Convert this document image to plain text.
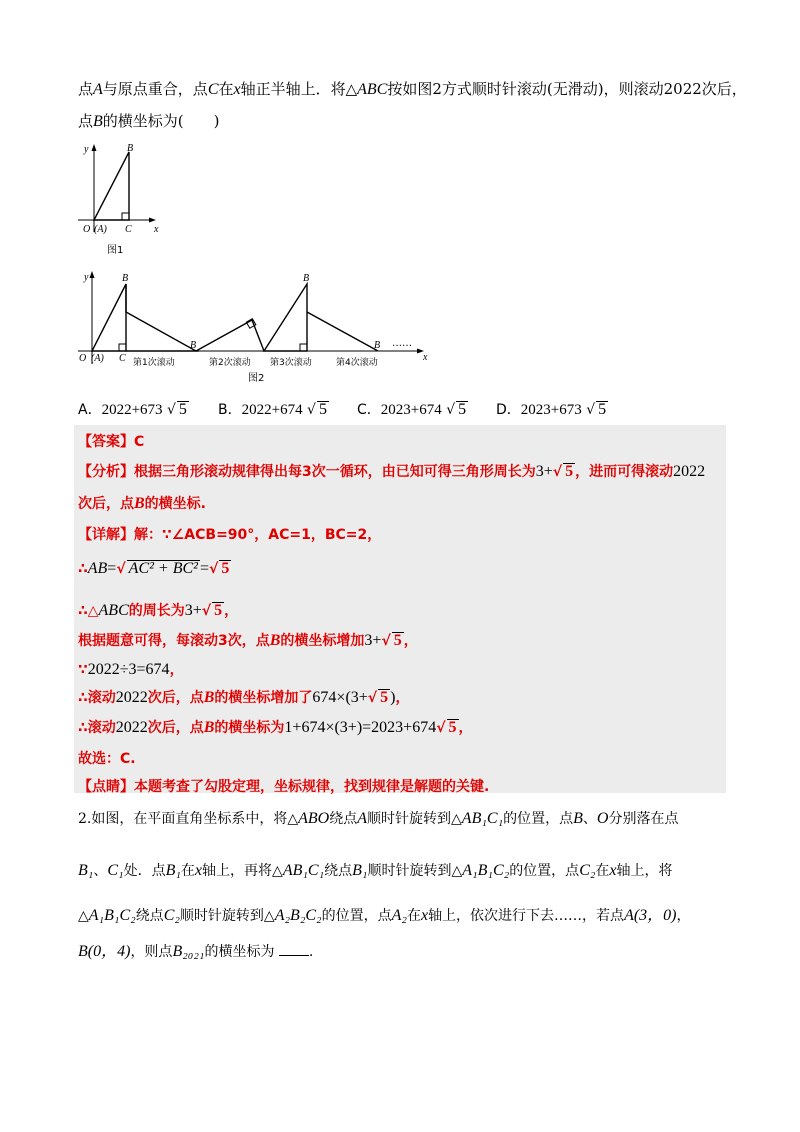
点A与原点重合，点C在x轴正半轴上．将△ABC按如图2方式顺时针滚动(无滑动)，则滚动2022次后，
点B的横坐标为(　　)
y
x
B
O (A) C
图1
y
x
O (A) C
B
B
B
B ……
第1次滚动	第2次滚动 第3次滚动	第4次滚动
图2
A．2022+673 √ 5 B．2022+674 √ 5 C．2023+674 √ 5 D．2023+673 √ 5
【答案】C
【分析】根据三角形滚动规律得出每3次一循环，由已知可得三角形周长为3+√ 5 ，进而可得滚动2022
次后，点B的横坐标.
【详解】解：∵∠ACB=90°，AC=1，BC=2，
∴AB=√ AC² + BC² =√ 5
∴△ABC的周长为3+√ 5 ，
根据题意可得，每滚动3次，点B的横坐标增加3+√ 5 ，
∵2022÷3=674，
∴滚动2022次后，点B的横坐标增加了674×(3+√ 5 )，
∴滚动2022次后，点B的横坐标为1+674×(3+)=2023+674√ 5 ，
故选：C.
【点睛】本题考查了勾股定理，坐标规律，找到规律是解题的关键.
2.如图，在平面直角坐标系中，将△ABO绕点A顺时针旋转到△AB₁C₁的位置，点B、O分别落在点
B₁、C₁处．点B₁在x轴上，再将△AB₁C₁绕点B₁顺时针旋转到△A₁B₁C₂的位置，点C₂在x轴上，将
△A₁B₁C₂绕点C₂顺时针旋转到△A₂B₂C₂的位置，点A₂在x轴上，依次进行下去……，若点A(3，0)，
B(0，4)，则点B₂₀₂₁的横坐标为 .
